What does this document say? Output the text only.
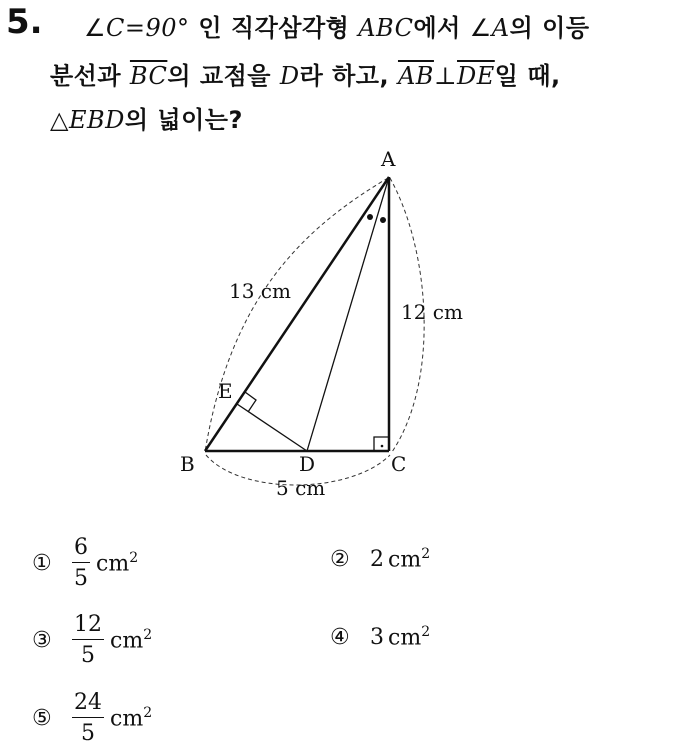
5. ∠C=90° 인 직각삼각형 ABC에서 ∠A의 이등
분선과 $\overline{BC}$의 교점을 D라 하고, $\overline{AB}\perp\overline{DE}$일 때,
△EBD의 넓이는?
A
B	C
D
E
13 cm
12 cm
5 cm
① $\frac{6}{5} cm^2$	② 2 $cm^2$
③ $\frac{12}{5} cm^2$	④ 3 $cm^2$
⑤ $\frac{24}{5} cm^2$
